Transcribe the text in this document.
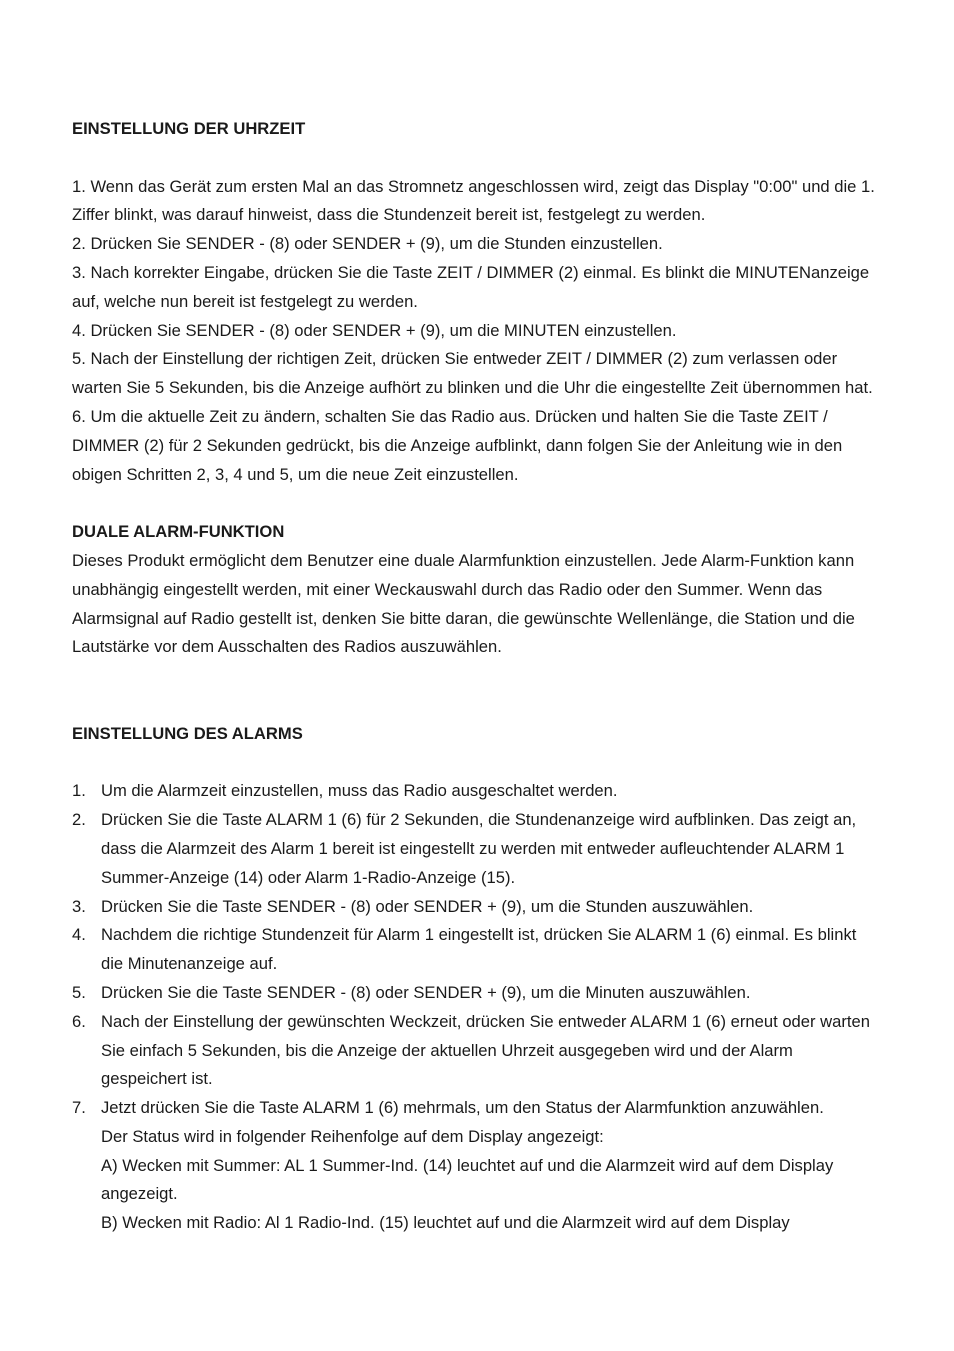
EINSTELLUNG DER UHRZEIT

1. Wenn das Gerät zum ersten Mal an das Stromnetz angeschlossen wird, zeigt das Display "0:00" und die 1. Ziffer blinkt, was darauf hinweist, dass die Stundenzeit bereit ist, festgelegt zu werden.

2. Drücken Sie SENDER - (8) oder SENDER + (9), um die Stunden einzustellen.

3. Nach korrekter Eingabe, drücken Sie die Taste ZEIT / DIMMER (2) einmal. Es blinkt die MINUTENanzeige auf, welche nun bereit ist festgelegt zu werden.

4. Drücken Sie SENDER - (8) oder SENDER + (9), um die MINUTEN einzustellen.

5. Nach der Einstellung der richtigen Zeit, drücken Sie entweder ZEIT / DIMMER (2) zum verlassen oder warten Sie 5 Sekunden, bis die Anzeige aufhört zu blinken und die Uhr die eingestellte Zeit übernommen hat.

6. Um die aktuelle Zeit zu ändern, schalten Sie das Radio aus. Drücken und halten Sie die Taste ZEIT / DIMMER (2) für 2 Sekunden gedrückt, bis die Anzeige aufblinkt, dann folgen Sie der Anleitung wie in den obigen Schritten 2, 3, 4 und 5, um die neue Zeit einzustellen.

DUALE ALARM-FUNKTION

Dieses Produkt ermöglicht dem Benutzer eine duale Alarmfunktion einzustellen. Jede Alarm-Funktion kann unabhängig eingestellt werden, mit einer Weckauswahl durch das Radio oder den Summer. Wenn das Alarmsignal auf Radio gestellt ist, denken Sie bitte daran, die gewünschte Wellenlänge, die Station und die Lautstärke vor dem Ausschalten des Radios auszuwählen.

EINSTELLUNG DES ALARMS

1. Um die Alarmzeit einzustellen, muss das Radio ausgeschaltet werden.
2. Drücken Sie die Taste ALARM 1 (6) für 2 Sekunden, die Stundenanzeige wird aufblinken. Das zeigt an, dass die Alarmzeit des Alarm 1 bereit ist eingestellt zu werden mit entweder aufleuchtender ALARM 1 Summer-Anzeige (14) oder Alarm 1-Radio-Anzeige (15).
3. Drücken Sie die Taste SENDER - (8) oder SENDER + (9), um die Stunden auszuwählen.
4. Nachdem die richtige Stundenzeit für Alarm 1 eingestellt ist, drücken Sie ALARM 1 (6) einmal. Es blinkt die Minutenanzeige auf.
5. Drücken Sie die Taste SENDER - (8) oder SENDER + (9), um die Minuten auszuwählen.
6. Nach der Einstellung der gewünschten Weckzeit, drücken Sie entweder ALARM 1 (6) erneut oder warten Sie einfach 5 Sekunden, bis die Anzeige der aktuellen Uhrzeit ausgegeben wird und der Alarm gespeichert ist.
7. Jetzt drücken Sie die Taste ALARM 1 (6) mehrmals, um den Status der Alarmfunktion anzuwählen.
Der Status wird in folgender Reihenfolge auf dem Display angezeigt:
A) Wecken mit Summer: AL 1 Summer-Ind. (14) leuchtet auf und die Alarmzeit wird auf dem Display angezeigt.
B) Wecken mit Radio: Al 1 Radio-Ind. (15) leuchtet auf und die Alarmzeit wird auf dem Display
